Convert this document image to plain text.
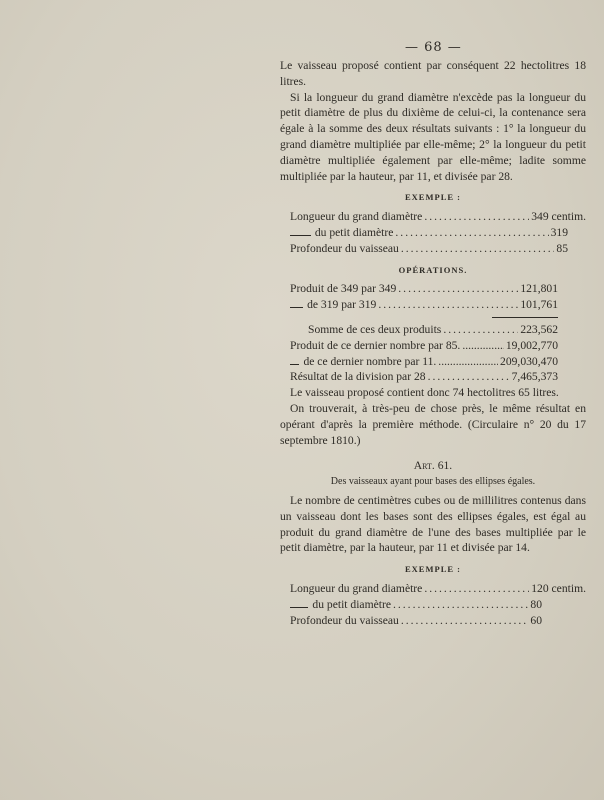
— 68 —

Le vaisseau proposé contient par conséquent 22 hectolitres 18 litres.

Si la longueur du grand diamètre n'excède pas la longueur du petit diamètre de plus du dixième de celui-ci, la contenance sera égale à la somme des deux résultats suivants : 1° la longueur du grand diamètre multipliée par elle-même; 2° la longueur du petit diamètre multipliée également par elle-même; ladite somme multipliée par la hauteur, par 11, et divisée par 28.

EXEMPLE :
Longueur du grand diamètre .....	349 centim.
du petit diamètre .....	319
Profondeur du vaisseau .....	85
OPÉRATIONS.
Produit de 349 par 349 .....	121,801
de 319 par 319 .....	101,761
Somme de ces deux produits .....	223,562
Produit de ce dernier nombre par 85. .....	19,002,770
de ce dernier nombre par 11. .....	209,030,470
Résultat de la division par 28 .....	7,465,373

Le vaisseau proposé contient donc 74 hectolitres 65 litres.

On trouverait, à très-peu de chose près, le même résultat en opérant d'après la première méthode. (Circulaire n° 20 du 17 septembre 1810.)

Art. 61.
Des vaisseaux ayant pour bases des ellipses égales.

Le nombre de centimètres cubes ou de millilitres contenus dans un vaisseau dont les bases sont des ellipses égales, est égal au produit du grand diamètre de l'une des bases multipliée par le petit diamètre, par la hauteur, par 11 et divisée par 14.

EXEMPLE :
Longueur du grand diamètre .....	120 centim.
du petit diamètre .....	80
Profondeur du vaisseau .....	60
